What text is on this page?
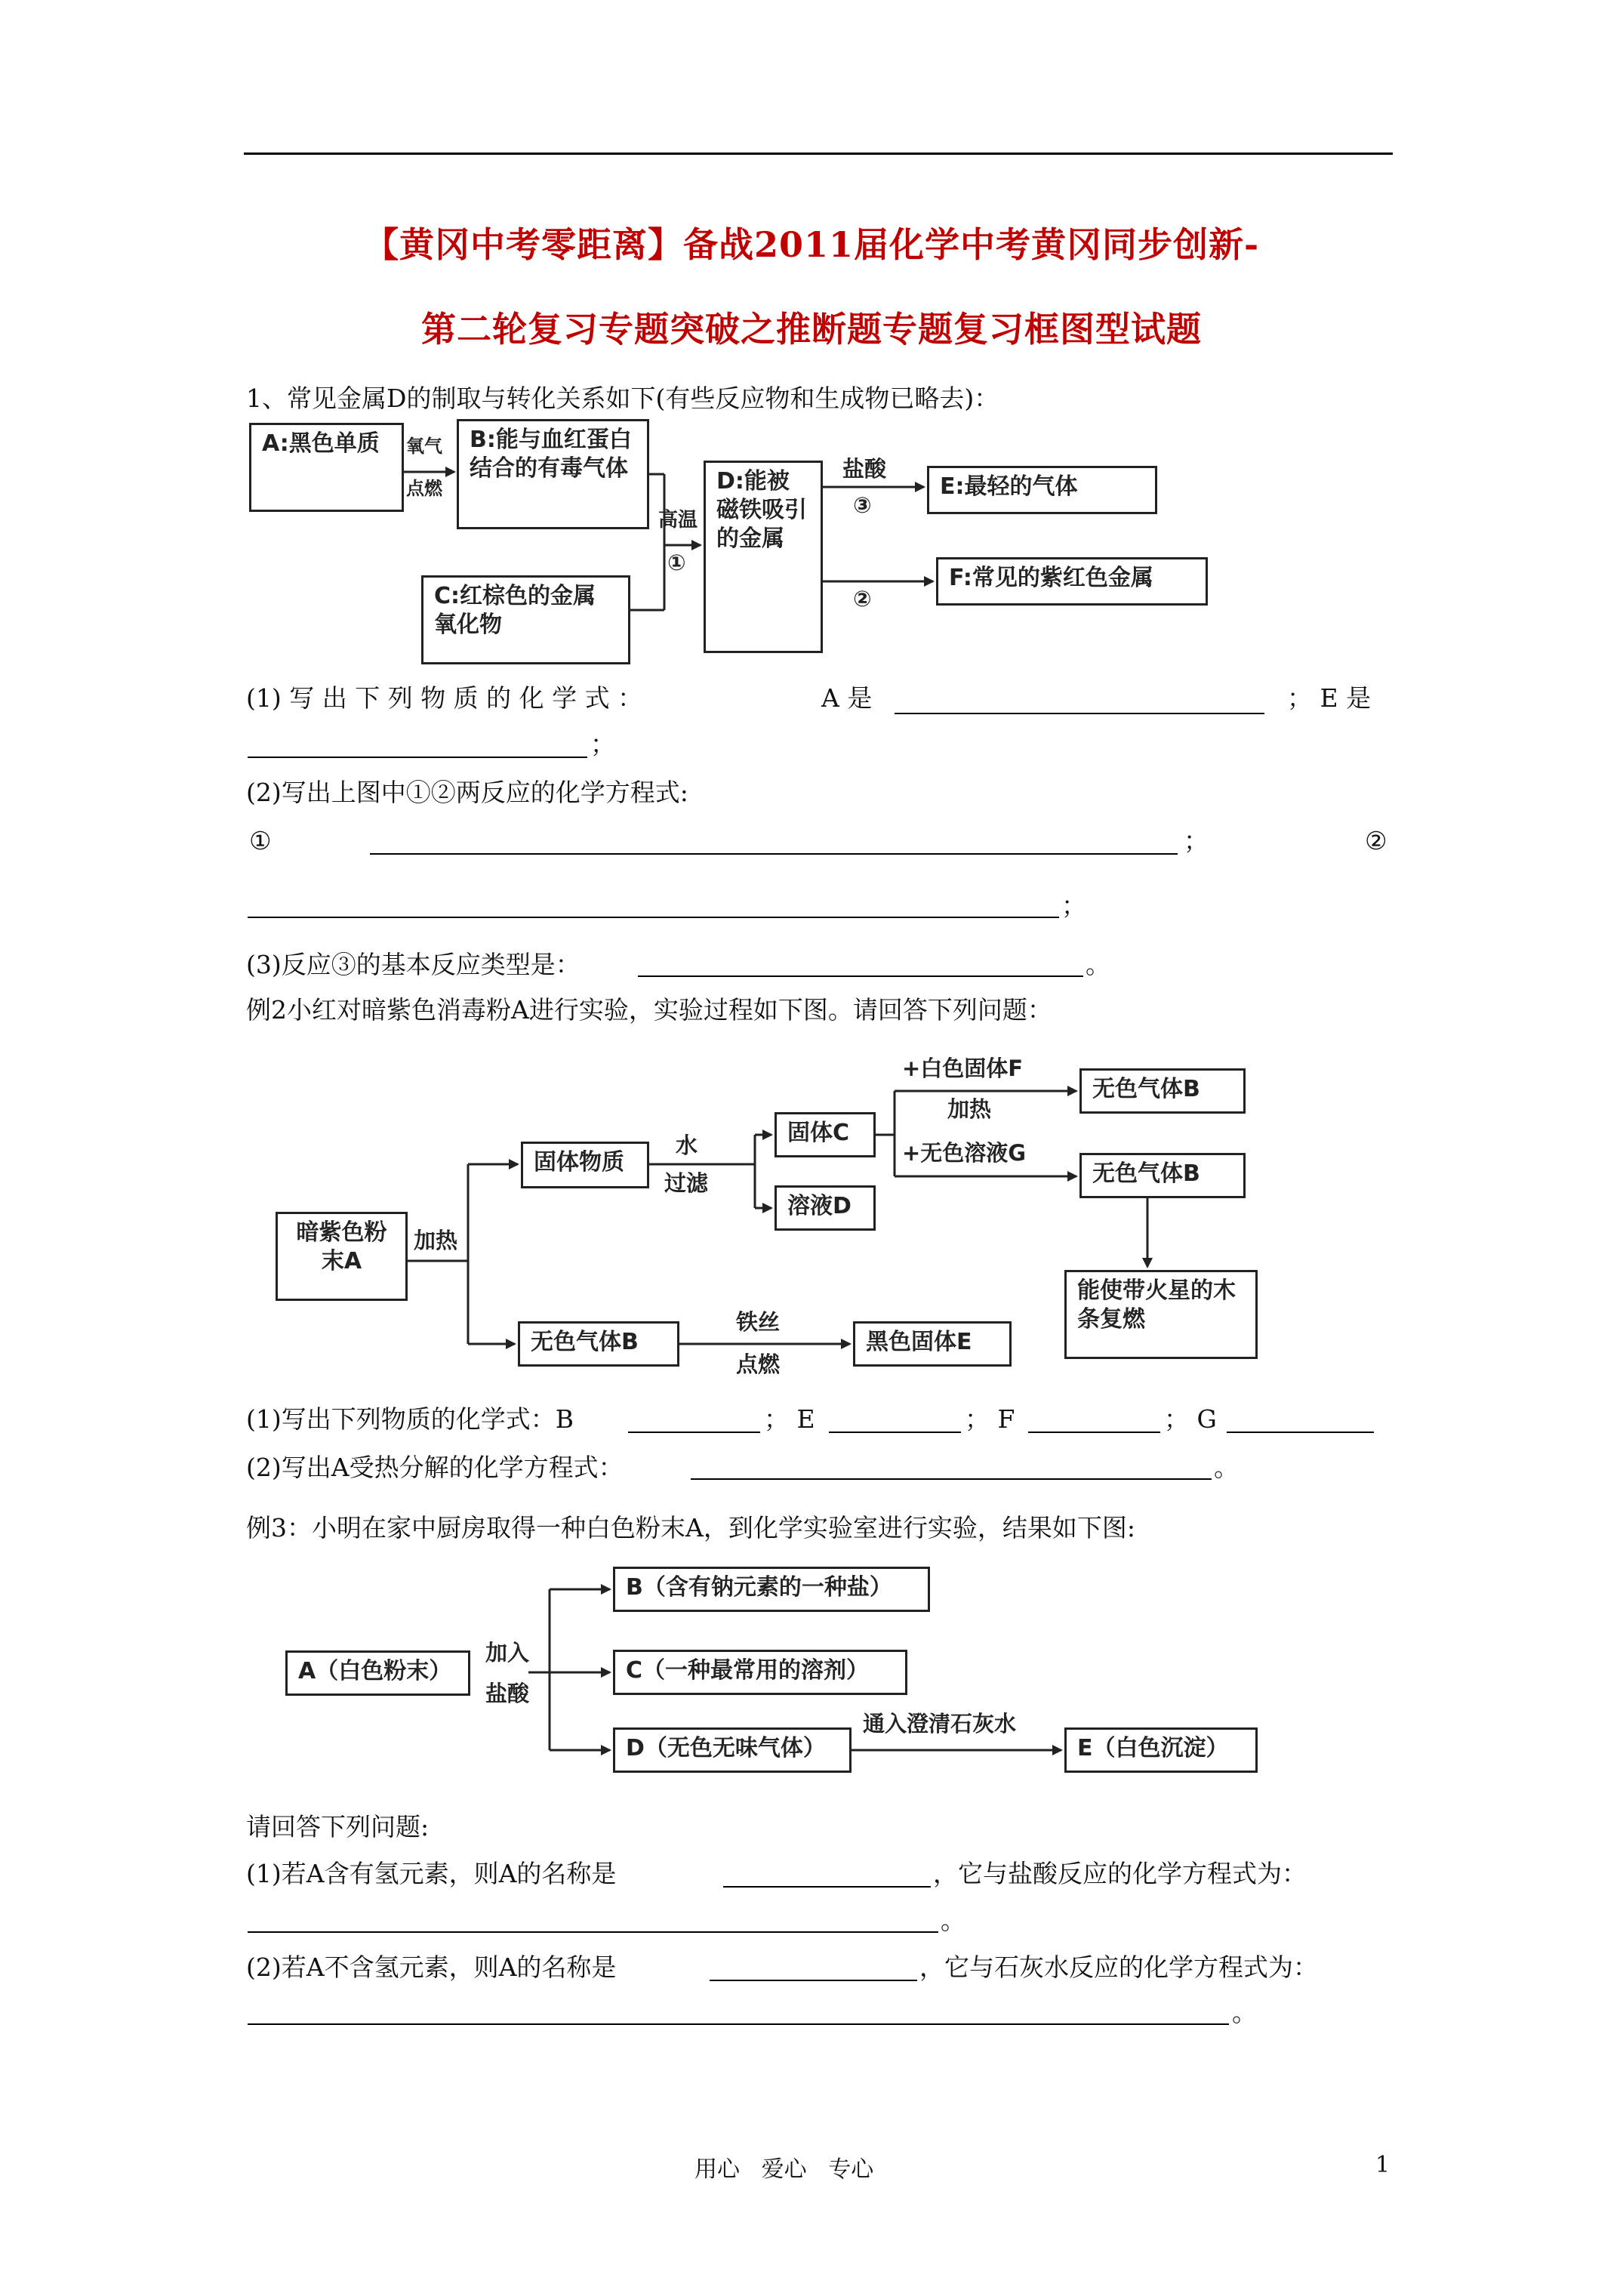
【黄冈中考零距离】备战2011届化学中考黄冈同步创新-
第二轮复习专题突破之推断题专题复习框图型试题
1、常见金属D的制取与转化关系如下(有些反应物和生成物已略去)：
A:黑色单质	B:能与血红蛋白结合的有毒气体
C:红棕色的金属氧化物
D:能被磁铁吸引的金属
E:最轻的气体
F:常见的紫红色金属
氧气
点燃
高温
①
盐酸
③
②
(1) 写 出 下 列 物 质 的 化 学 式 ：	A 是	； E 是
；
(2)写出上图中①②两反应的化学方程式:
①	；	②
；
(3)反应③的基本反应类型是：	。
例2小红对暗紫色消毒粉A进行实验，实验过程如下图。请回答下列问题：
暗紫色粉末A
固体物质
固体C
溶液D
无色气体B
无色气体B
能使带火星的木条复燃
无色气体B	黑色固体E
加热
水
过滤
+白色固体F
加热
+无色溶液G
铁丝
点燃
(1)写出下列物质的化学式：B	； E	； F	； G
(2)写出A受热分解的化学方程式：	。
例3：小明在家中厨房取得一种白色粉末A，到化学实验室进行实验，结果如下图:
A（白色粉末）
B（含有钠元素的一种盐）
C（一种最常用的溶剂）
D（无色无味气体）	E（白色沉淀）
加入
盐酸
通入澄清石灰水
请回答下列问题:
(1)若A含有氢元素，则A的名称是	，它与盐酸反应的化学方程式为：
。
(2)若A不含氢元素，则A的名称是	，它与石灰水反应的化学方程式为：
。
用心   爱心   专心	1
